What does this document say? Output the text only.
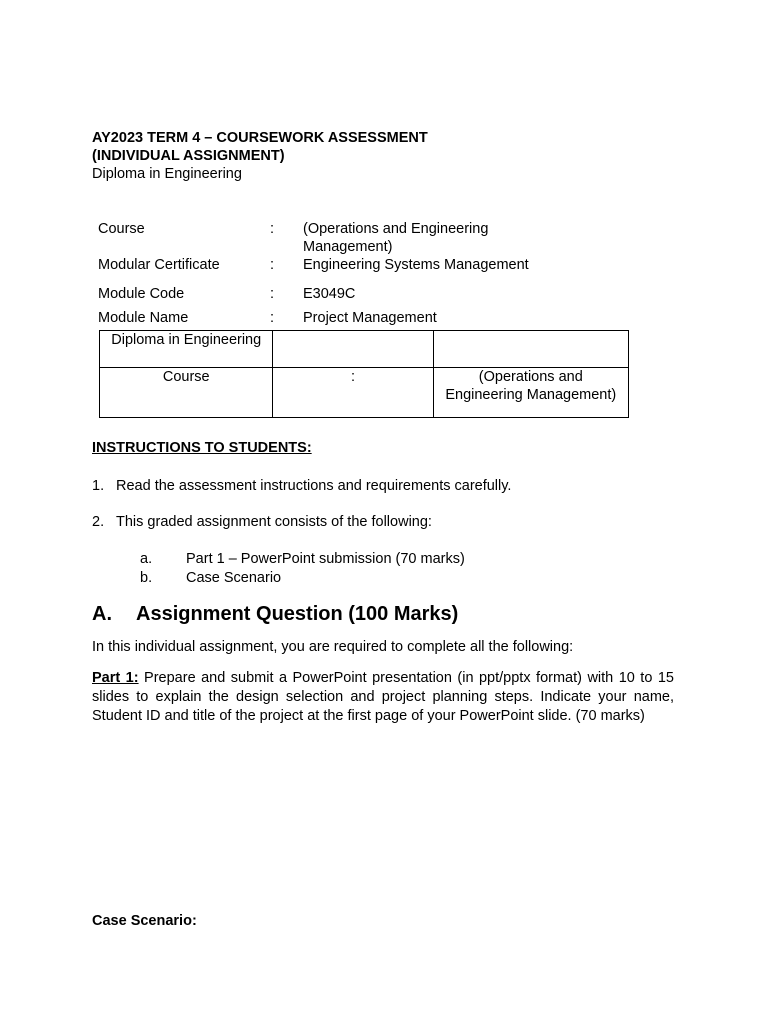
AY2023 TERM 4 – COURSEWORK ASSESSMENT
(INDIVIDUAL ASSIGNMENT)
Diploma in Engineering
Course	: (Operations and Engineering
Management)
Modular Certificate	: Engineering Systems Management
Module Code	: E3049C
Module Name	: Project Management
Diploma in Engineering		

Course	:	(Operations and
Engineering Management)
INSTRUCTIONS TO STUDENTS:
1. Read the assessment instructions and requirements carefully.
2. This graded assignment consists of the following:
a. Part 1 – PowerPoint submission (70 marks)
b. Case Scenario
A. Assignment Question (100 Marks)
In this individual assignment, you are required to complete all the following:
Part 1: Prepare and submit a PowerPoint presentation (in ppt/pptx format) with 10 to 15 slides to explain the design selection and project planning steps. Indicate your name, Student ID and title of the project at the first page of your PowerPoint slide. (70 marks)
Case Scenario:
